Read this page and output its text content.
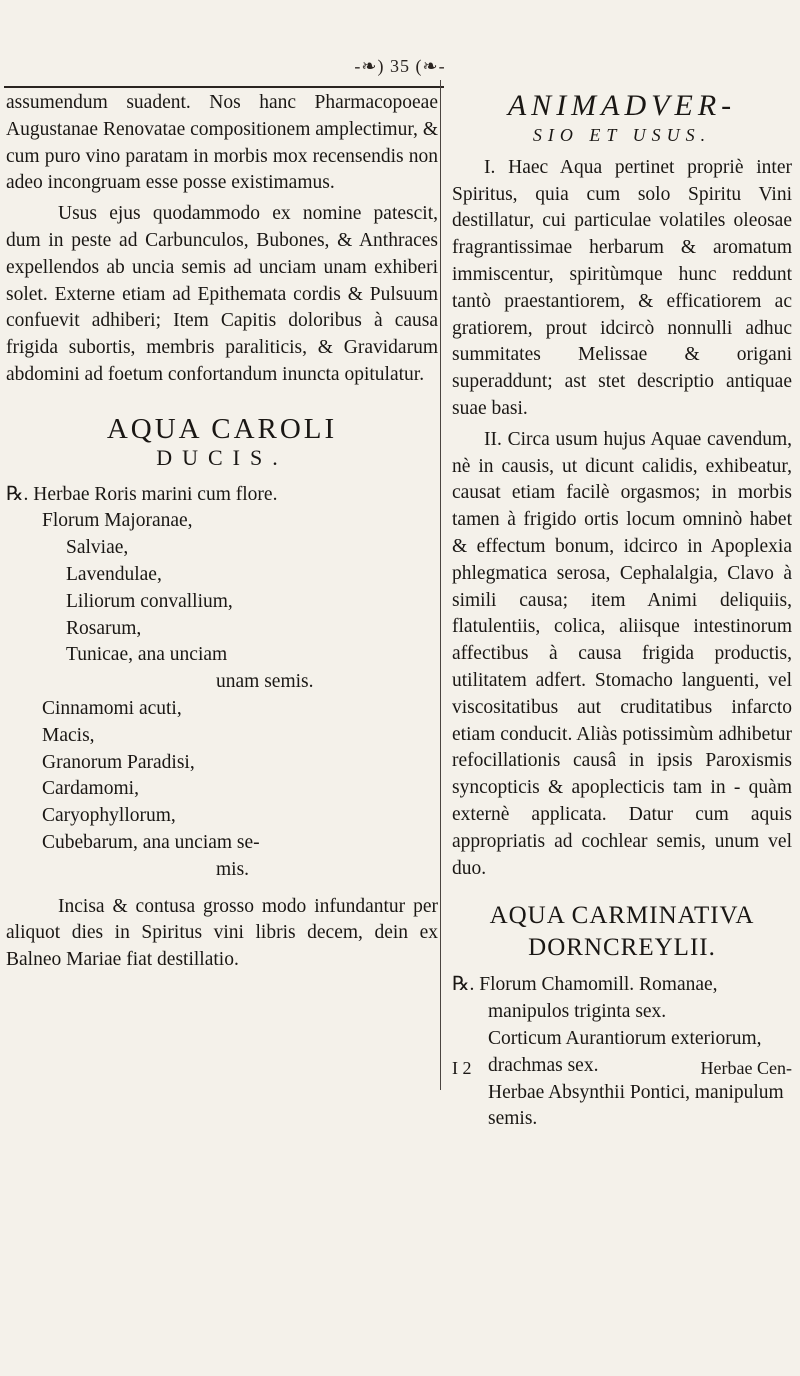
-❧) 35 (❧-

assumendum suadent. Nos hanc Pharmacopoeae Augustanae Renovatae compositionem amplectimur, & cum puro vino paratam in morbis mox recensendis non adeo incongruam esse posse existimamus.

Usus ejus quodammodo ex nomine patescit, dum in peste ad Carbunculos, Bubones, & Anthraces expellendos ab uncia semis ad unciam unam exhiberi solet. Externe etiam ad Epithemata cordis & Pulsuum confuevit adhiberi; Item Capitis doloribus à causa frigida subortis, membris paraliticis, & Gravidarum abdomini ad foetum confortandum inuncta opitulatur.

AQUA CAROLI
DUCIS.
℞. Herbae Roris marini cum flore.
Florum Majoranae,
Salviae,
Lavendulae,
Liliorum convallium,
Rosarum,
Tunicae, ana unciam
unam semis.
Cinnamomi acuti,
Macis,
Granorum Paradisi,
Cardamomi,
Caryophyllorum,
Cubebarum, ana unciam se-
mis.

Incisa & contusa grosso modo infundantur per aliquot dies in Spiritus vini libris decem, dein ex Balneo Mariae fiat destillatio.

ANIMADVER-
SIO ET USUS.

I. Haec Aqua pertinet propriè inter Spiritus, quia cum solo Spiritu Vini destillatur, cui particulae volatiles oleosae fragrantissimae herbarum & aromatum immiscentur, spiritùmque hunc reddunt tantò praestantiorem, & efficatiorem ac gratiorem, prout idcircò nonnulli adhuc summitates Melissae & origani superaddunt; ast stet descriptio antiquae suae basi.

II. Circa usum hujus Aquae cavendum, nè in causis, ut dicunt calidis, exhibeatur, causat etiam facilè orgasmos; in morbis tamen à frigido ortis locum omninò habet & effectum bonum, idcirco in Apoplexia phlegmatica serosa, Cephalalgia, Clavo à simili causa; item Animi deliquiis, flatulentiis, colica, aliisque intestinorum affectibus à causa frigida productis, utilitatem adfert. Stomacho languenti, vel viscositatibus aut cruditatibus infarcto etiam conducit. Aliàs potissimùm adhibetur refocillationis causâ in ipsis Paroxismis syncopticis & apoplecticis tam in - quàm externè applicata. Datur cum aquis appropriatis ad cochlear semis, unum vel duo.

AQUA CARMINATIVA DORNCREYLII.
℞. Florum Chamomill. Romanae,
manipulos triginta sex.
Corticum Aurantiorum exteriorum, drachmas sex.
Herbae Absynthii Pontici, manipulum semis.
I 2	Herbae Cen-
